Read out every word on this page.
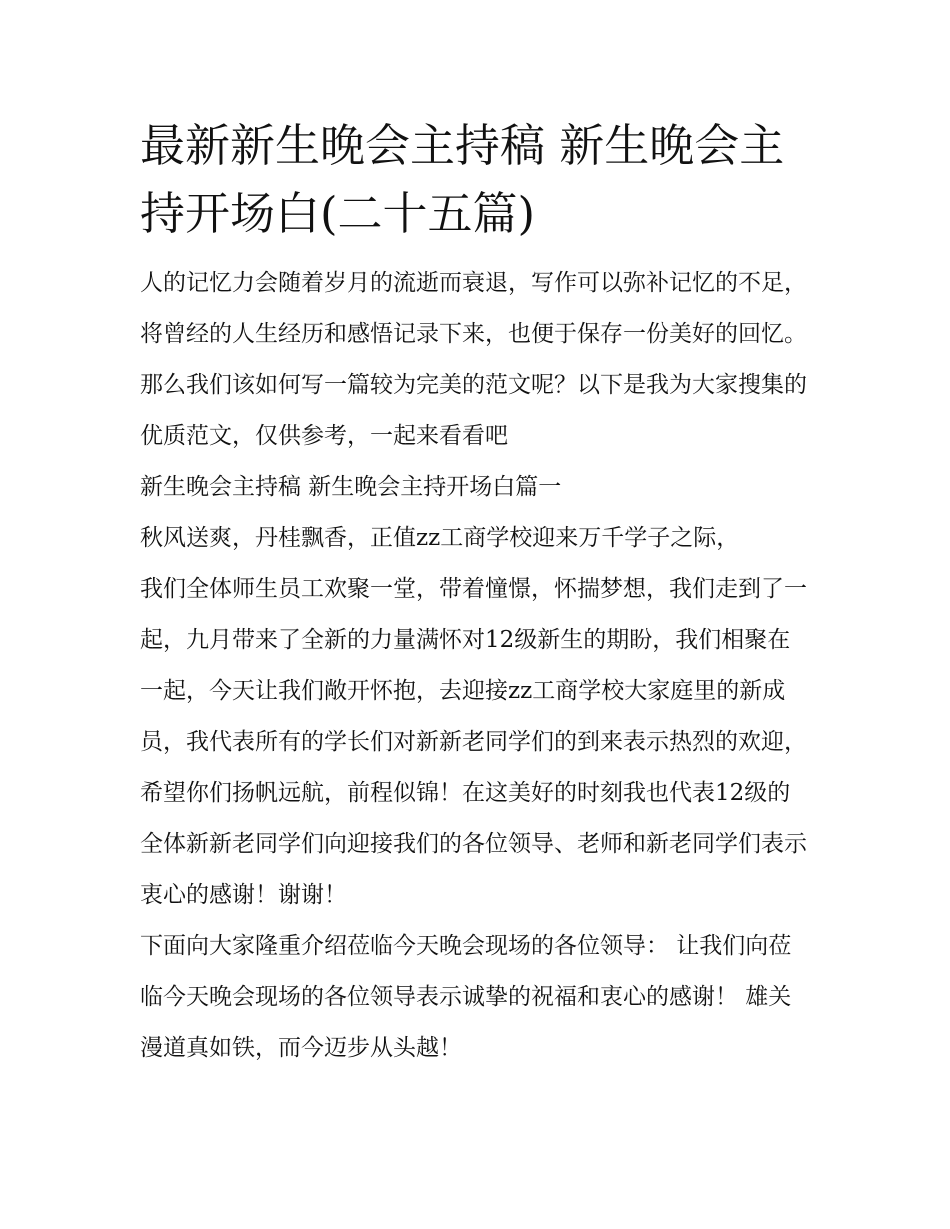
最新新生晚会主持稿 新生晚会主持开场白(二十五篇)

人的记忆力会随着岁月的流逝而衰退，写作可以弥补记忆的不足，将曾经的人生经历和感悟记录下来，也便于保存一份美好的回忆。那么我们该如何写一篇较为完美的范文呢？以下是我为大家搜集的优质范文，仅供参考，一起来看看吧

新生晚会主持稿 新生晚会主持开场白篇一

秋风送爽，丹桂飘香，正值zz工商学校迎来万千学子之际，

我们全体师生员工欢聚一堂，带着憧憬，怀揣梦想，我们走到了一起，九月带来了全新的力量满怀对12级新生的期盼，我们相聚在一起，今天让我们敞开怀抱，去迎接zz工商学校大家庭里的新成员，我代表所有的学长们对新新老同学们的到来表示热烈的欢迎，希望你们扬帆远航，前程似锦！在这美好的时刻我也代表12级的全体新新老同学们向迎接我们的各位领导、老师和新老同学们表示衷心的感谢！谢谢！

下面向大家隆重介绍莅临今天晚会现场的各位领导： 让我们向莅临今天晚会现场的各位领导表示诚挚的祝福和衷心的感谢！ 雄关漫道真如铁，而今迈步从头越！
